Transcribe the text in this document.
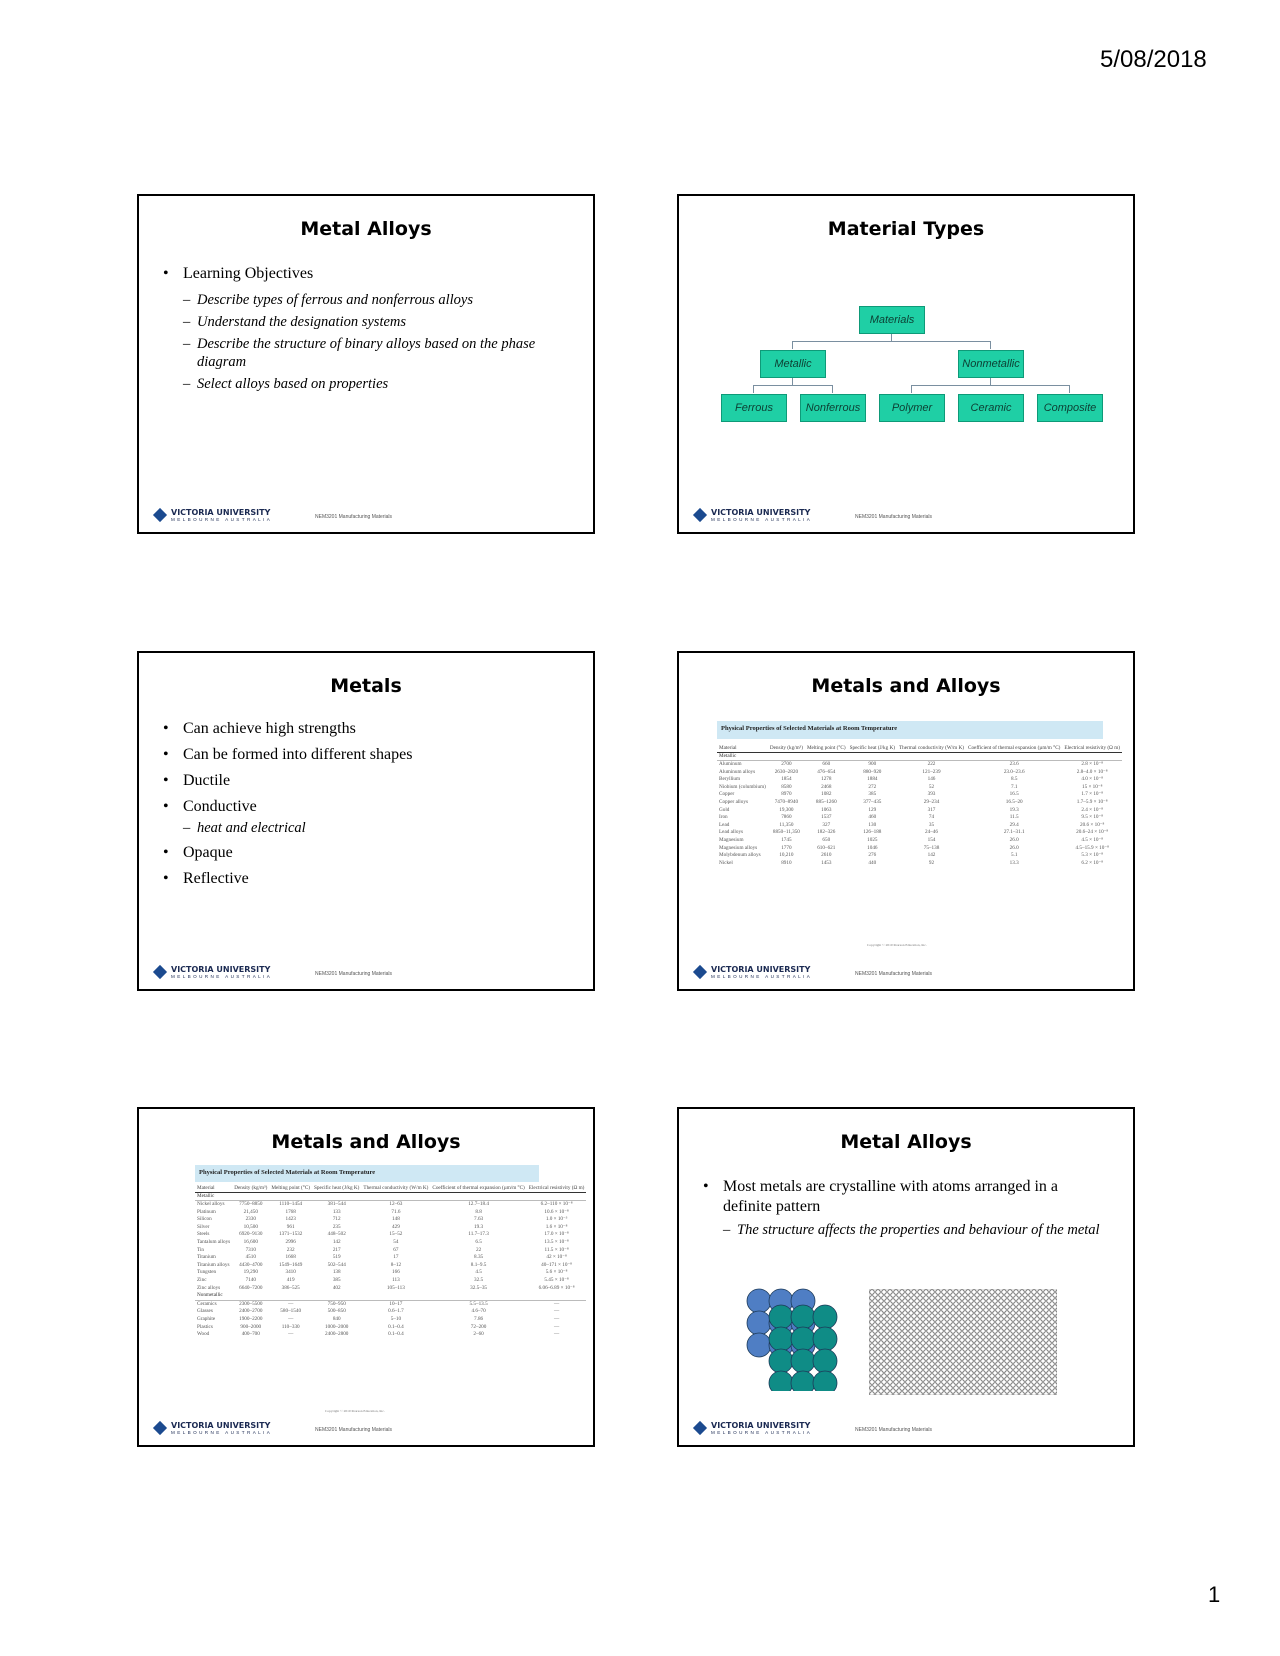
5/08/2018
Metal Alloys
• Learning Objectives
– Describe types of ferrous and nonferrous alloys
– Understand the designation systems
– Describe the structure of binary alloys based on the phase diagram
– Select alloys based on properties
VICTORIA UNIVERSITY
MELBOURNE AUSTRALIA	NEM3201 Manufacturing Materials
Material Types
Materials
Metallic	Nonmetallic
Ferrous	Nonferrous	Polymer	Ceramic	Composite
VICTORIA UNIVERSITY
MELBOURNE AUSTRALIA	NEM3201 Manufacturing Materials
Metals
• Can achieve high strengths
• Can be formed into different shapes
• Ductile
• Conductive
– heat and electrical
• Opaque
• Reflective
VICTORIA UNIVERSITY
MELBOURNE AUSTRALIA	NEM3201 Manufacturing Materials
Metals and Alloys
Physical Properties of Selected Materials at Room Temperature
Material	Density (kg/m³)	Melting point (°C)	Specific heat (J/kg K)	Thermal conductivity (W/m K)	Coefficient of thermal expansion (µm/m °C)	Electrical resistivity (Ω m)
Metallic						
Aluminum	2700	660	900	222	23.6	2.8 × 10⁻⁸
Aluminum alloys	2630–2820	476–654	880–920	121–239	23.0–23.6	2.8–4.0 × 10⁻⁸
Beryllium	1854	1278	1884	146	8.5	4.0 × 10⁻⁸
Niobium (columbium)	8580	2468	272	52	7.1	15 × 10⁻⁸
Copper	8970	1082	385	393	16.5	1.7 × 10⁻⁸
Copper alloys	7470–8940	885–1260	377–435	29–234	16.5–20	1.7–5.9 × 10⁻⁸
Gold	19,300	1063	129	317	19.3	2.4 × 10⁻⁸
Iron	7860	1537	460	74	11.5	9.5 × 10⁻⁸
Lead	11,350	327	130	35	29.4	20.6 × 10⁻⁸
Lead alloys	8850–11,350	182–326	126–188	24–46	27.1–31.1	20.6–24 × 10⁻⁸
Magnesium	1745	650	1025	154	26.0	4.5 × 10⁻⁸
Magnesium alloys	1770	610–621	1046	75–138	26.0	4.5–15.9 × 10⁻⁸
Molybdenum alloys	10,210	2610	276	142	5.1	5.3 × 10⁻⁸
Nickel	8910	1453	440	92	13.3	6.2 × 10⁻⁸
Copyright © 2010 Pearson Education, Inc.
VICTORIA UNIVERSITY
MELBOURNE AUSTRALIA	NEM3201 Manufacturing Materials
Metals and Alloys
Physical Properties of Selected Materials at Room Temperature
Material	Density (kg/m³)	Melting point (°C)	Specific heat (J/kg K)	Thermal conductivity (W/m K)	Coefficient of thermal expansion (µm/m °C)	Electrical resistivity (Ω m)
Metallic						
Nickel alloys	7750–8850	1110–1454	381–544	12–63	12.7–18.4	6.2–110 × 10⁻⁸
Platinum	21,450	1768	133	71.6	8.8	10.6 × 10⁻⁸
Silicon	2330	1423	712	148	7.63	1.0 × 10⁻³
Silver	10,500	961	235	429	19.3	1.6 × 10⁻⁸
Steels	6920–9130	1371–1532	448–502	15–52	11.7–17.3	17.0 × 10⁻⁸
Tantalum alloys	16,600	2996	142	54	6.5	13.5 × 10⁻⁸
Tin	7310	232	217	67	22	11.5 × 10⁻⁸
Titanium	4510	1668	519	17	8.35	42 × 10⁻⁸
Titanium alloys	4430–4700	1549–1649	502–544	8–12	8.1–9.5	40–171 × 10⁻⁸
Tungsten	19,290	3410	138	166	4.5	5.6 × 10⁻⁸
Zinc	7140	419	385	113	32.5	5.45 × 10⁻⁸
Zinc alloys	6640–7200	386–525	402	105–113	32.5–35	6.06–6.89 × 10⁻⁸
Nonmetallic						
Ceramics	2300–5500	—	750–950	10–17	5.5–13.5	—
Glasses	2400–2700	580–1540	500–850	0.6–1.7	4.6–70	—
Graphite	1900–2200	—	840	5–10	7.86	—
Plastics	900–2000	110–330	1000–2000	0.1–0.4	72–200	—
Wood	400–700	—	2400–2800	0.1–0.4	2–60	—
Copyright © 2010 Pearson Education, Inc.
VICTORIA UNIVERSITY
MELBOURNE AUSTRALIA	NEM3201 Manufacturing Materials
Metal Alloys
• Most metals are crystalline with atoms arranged in a definite pattern
– The structure affects the properties and behaviour of the metal
VICTORIA UNIVERSITY
MELBOURNE AUSTRALIA	NEM3201 Manufacturing Materials
1
